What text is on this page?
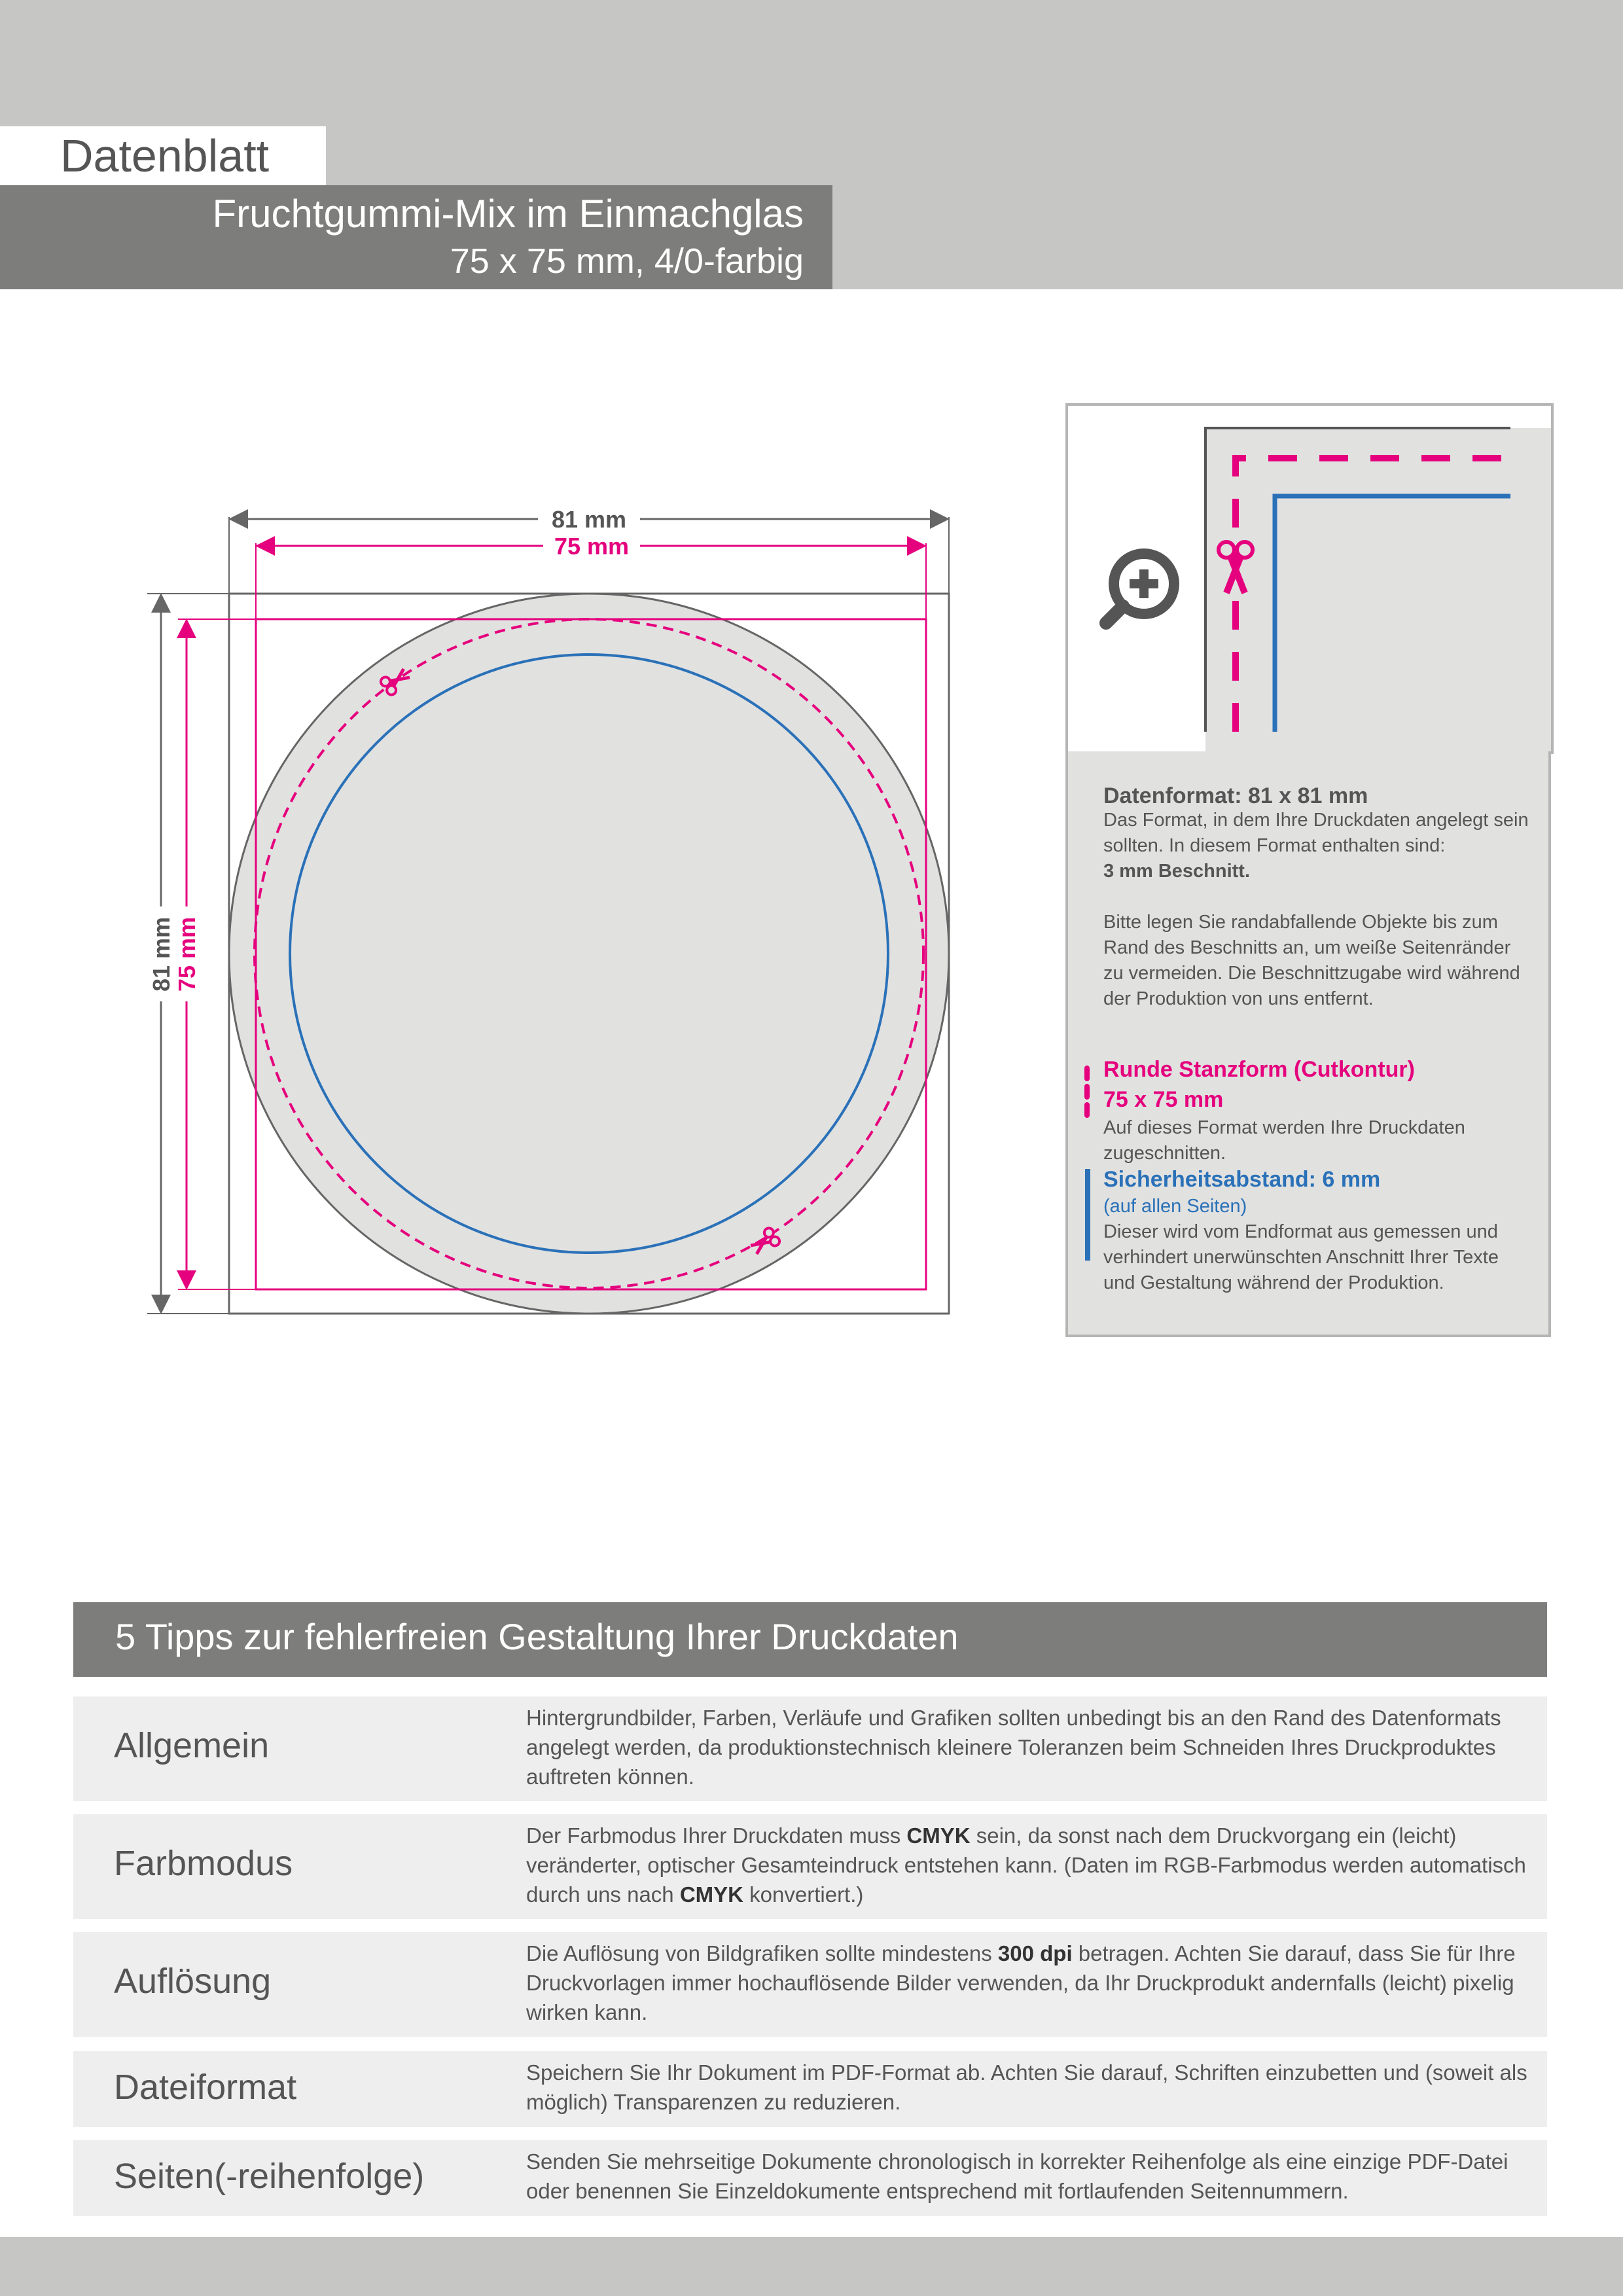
Datenblatt
Fruchtgummi-Mix im Einmachglas
75 x 75 mm, 4/0-farbig
81 mm
75 mm
81 mm
75 mm
Datenformat: 81 x 81 mm
Das Format, in dem Ihre Druckdaten angelegt sein sollten. In diesem Format enthalten sind:
3 mm Beschnitt.
Bitte legen Sie randabfallende Objekte bis zum Rand des Beschnitts an, um weiße Seitenränder zu vermeiden. Die Beschnittzugabe wird während der Produktion von uns entfernt.
Runde Stanzform (Cutkontur)
75 x 75 mm
Auf dieses Format werden Ihre Druckdaten zugeschnitten.
Sicherheitsabstand: 6 mm
(auf allen Seiten)
Dieser wird vom Endformat aus gemessen und verhindert unerwünschten Anschnitt Ihrer Texte und Gestaltung während der Produktion.
5 Tipps zur fehlerfreien Gestaltung Ihrer Druckdaten
Allgemein
Hintergrundbilder, Farben, Verläufe und Grafiken sollten unbedingt bis an den Rand des Datenformats angelegt werden, da produktionstechnisch kleinere Toleranzen beim Schneiden Ihres Druckproduktes auftreten können.
Farbmodus
Der Farbmodus Ihrer Druckdaten muss CMYK sein, da sonst nach dem Druckvorgang ein (leicht) veränderter, optischer Gesamteindruck entstehen kann. (Daten im RGB-Farbmodus werden automatisch durch uns nach CMYK konvertiert.)
Auflösung
Die Auflösung von Bildgrafiken sollte mindestens 300 dpi betragen. Achten Sie darauf, dass Sie für Ihre Druckvorlagen immer hochauflösende Bilder verwenden, da Ihr Druckprodukt andernfalls (leicht) pixelig wirken kann.
Dateiformat	Speichern Sie Ihr Dokument im PDF-Format ab. Achten Sie darauf, Schriften einzubetten und (soweit als möglich) Transparenzen zu reduzieren.
Seiten(-reihenfolge)	Senden Sie mehrseitige Dokumente chronologisch in korrekter Reihenfolge als eine einzige PDF-Datei oder benennen Sie Einzeldokumente entsprechend mit fortlaufenden Seitennummern.
